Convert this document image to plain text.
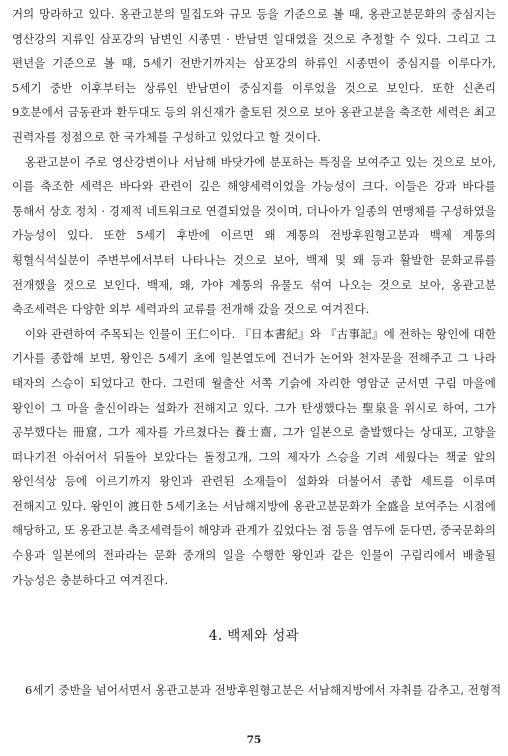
거의 망라하고 있다. 옹관고분의 밀집도와 규모 등을 기준으로 볼 때, 옹관고분문화의 중심지는 영산강의 지류인 삼포강의 남변인 시종면 · 반남면 일대였을 것으로 추정할 수 있다. 그리고 그 편년을 기준으로 볼 때, 5세기 전반기까지는 삼포강의 하류인 시종면이 중심지를 이루다가, 5세기 중반 이후부터는 상류인 반남면이 중심지를 이루었을 것으로 보인다. 또한 신촌리 9호분에서 금동관과 환두대도 등의 위신재가 출토된 것으로 보아 옹관고분을 축조한 세력은 최고 권력자를 정점으로 한 국가체를 구성하고 있었다고 할 것이다.

옹관고분이 주로 영산강변이나 서남해 바닷가에 분포하는 특징을 보여주고 있는 것으로 보아, 이를 축조한 세력은 바다와 관련이 깊은 해양세력이었을 가능성이 크다. 이들은 강과 바다를 통해서 상호 정치 · 경제적 네트워크로 연결되었을 것이며, 더나아가 일종의 연맹체를 구성하였을 가능성이 있다. 또한 5세기 후반에 이르면 왜 계통의 전방후원형고분과 백제 계통의 횡혈식석실분이 주변부에서부터 나타나는 것으로 보아, 백제 및 왜 등과 활발한 문화교류를 전개했을 것으로 보인다. 백제, 왜, 가야 계통의 유물도 섞여 나오는 것으로 보아, 옹관고분 축조세력은 다양한 외부 세력과의 교류를 전개해 갔을 것으로 여겨진다.

이와 관련하여 주목되는 인물이 王仁이다. 『日本書紀』와 『古事記』에 전하는 왕인에 대한 기사를 종합해 보면, 왕인은 5세기 초에 일본열도에 건너가 논어와 천자문을 전해주고 그 나라 태자의 스승이 되었다고 한다. 그런데 월출산 서쪽 기슭에 자리한 영암군 군서면 구림 마을에 왕인이 그 마을 출신이라는 설화가 전해지고 있다. 그가 탄생했다는 聖泉을 위시로 하여, 그가 공부했다는 冊窟, 그가 제자를 가르쳤다는 養士齋, 그가 일본으로 출발했다는 상대포, 고향을 떠나기전 아쉬어서 뒤돌아 보았다는 돌정고개, 그의 제자가 스승을 기려 세웠다는 책굴 앞의 왕인석상 등에 이르기까지 왕인과 관련된 소재들이 설화와 더불어서 종합 세트를 이루며 전해지고 있다. 왕인이 渡日한 5세기초는 서남해지방에 옹관고분문화가 全盛을 보여주는 시점에 해당하고, 또 옹관고분 축조세력들이 해양과 관계가 깊었다는 점 등을 염두에 둔다면, 중국문화의 수용과 일본에의 전파라는 문화 중개의 일을 수행한 왕인과 같은 인물이 구림리에서 배출될 가능성은 충분하다고 여겨진다.

4. 백제와 성곽
6세기 중반을 넘어서면서 옹관고분과 전방후원형고분은 서남해지방에서 자취를 감추고, 전형적
75
